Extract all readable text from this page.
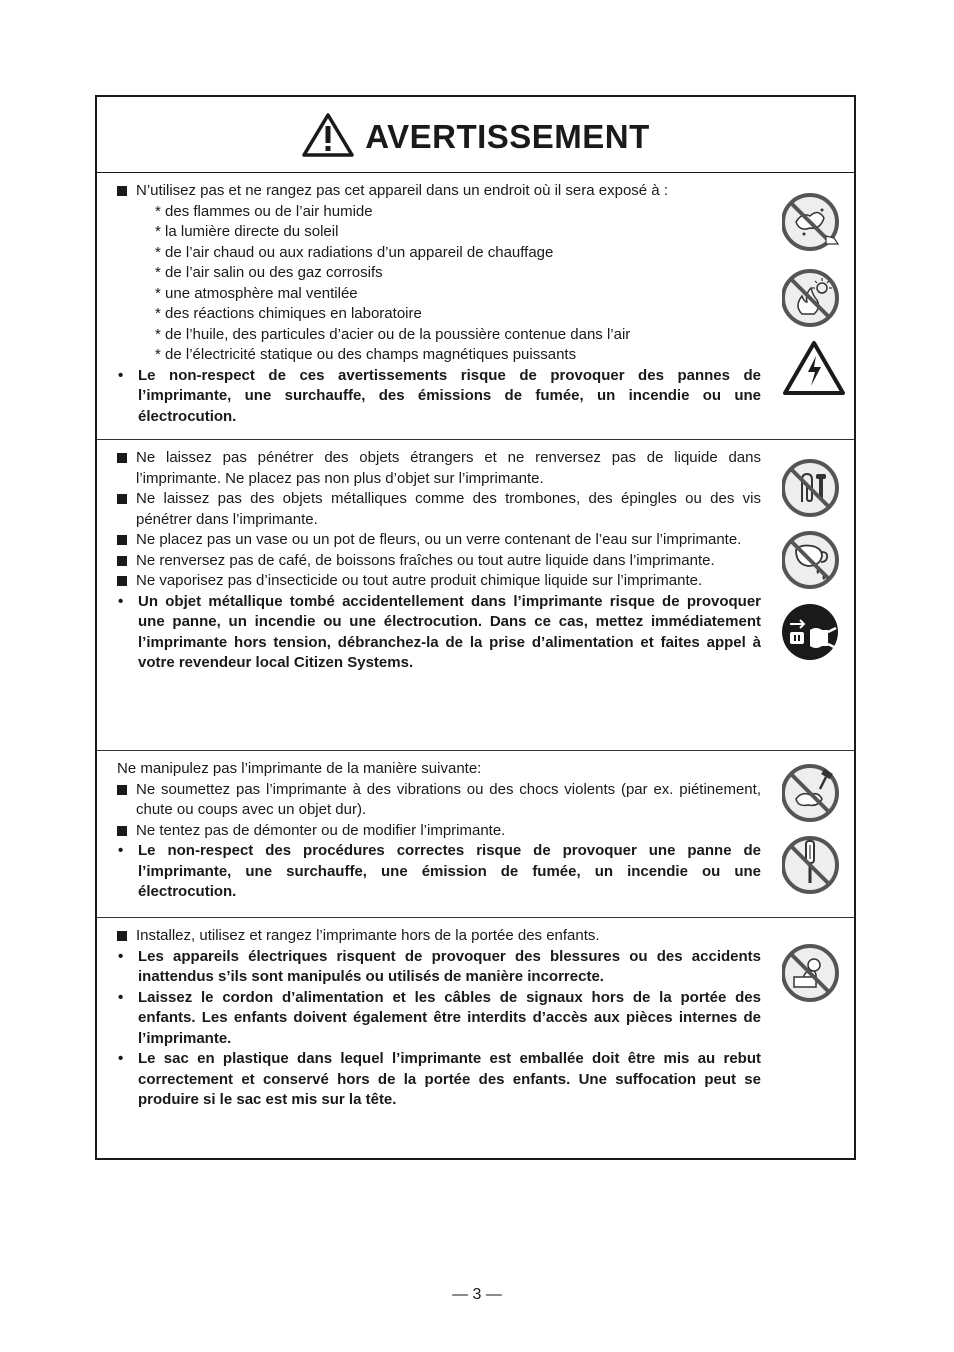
AVERTISSEMENT
N’utilisez pas et ne rangez pas cet appareil dans un endroit où il sera exposé à :
* des flammes ou de l’air humide
* la lumière directe du soleil
* de l’air chaud ou aux radiations d’un appareil de chauffage
* de l’air salin ou des gaz corrosifs
* une atmosphère mal ventilée
* des réactions chimiques en laboratoire
* de l’huile, des particules d’acier ou de la poussière contenue dans l’air
* de l’électricité statique ou des champs magnétiques puissants
• Le non-respect de ces avertissements risque de provoquer des pannes de l’imprimante, une surchauffe, des émissions de fumée, un incendie ou une électrocution.
Ne laissez pas pénétrer des objets étrangers et ne renversez pas de liquide dans l’imprimante. Ne placez pas non plus d’objet sur l’imprimante.
Ne laissez pas des objets métalliques comme des trombones, des épingles ou des vis pénétrer dans l’imprimante.
Ne placez pas un vase ou un pot de fleurs, ou un verre contenant de l’eau sur l’imprimante.
Ne renversez pas de café, de boissons fraîches ou tout autre liquide dans l’imprimante.
Ne vaporisez pas d’insecticide ou tout autre produit chimique liquide sur l’imprimante.
• Un objet métallique tombé accidentellement dans l’imprimante risque de provoquer une panne, un incendie ou une électrocution. Dans ce cas, mettez immédiatement l’imprimante hors tension, débranchez-la de la prise d’alimentation et faites appel à votre revendeur local Citizen Systems.
Ne manipulez pas l’imprimante de la manière suivante:
Ne soumettez pas l’imprimante à des vibrations ou des chocs violents (par ex. piétinement, chute ou coups avec un objet dur).
Ne tentez pas de démonter ou de modifier l’imprimante.
• Le non-respect des procédures correctes risque de provoquer une panne de l’imprimante, une surchauffe, une émission de fumée, un incendie ou une électrocution.
Installez, utilisez et rangez l’imprimante hors de la portée des enfants.
• Les appareils électriques risquent de provoquer des blessures ou des accidents inattendus s’ils sont manipulés ou utilisés de manière incorrecte.
• Laissez le cordon d’alimentation et les câbles de signaux hors de la portée des enfants. Les enfants doivent également être interdits d’accès aux pièces internes de l’imprimante.
• Le sac en plastique dans lequel l’imprimante est emballée doit être mis au rebut correctement et conservé hors de la portée des enfants. Une suffocation peut se produire si le sac est mis sur la tête.
— 3 —
